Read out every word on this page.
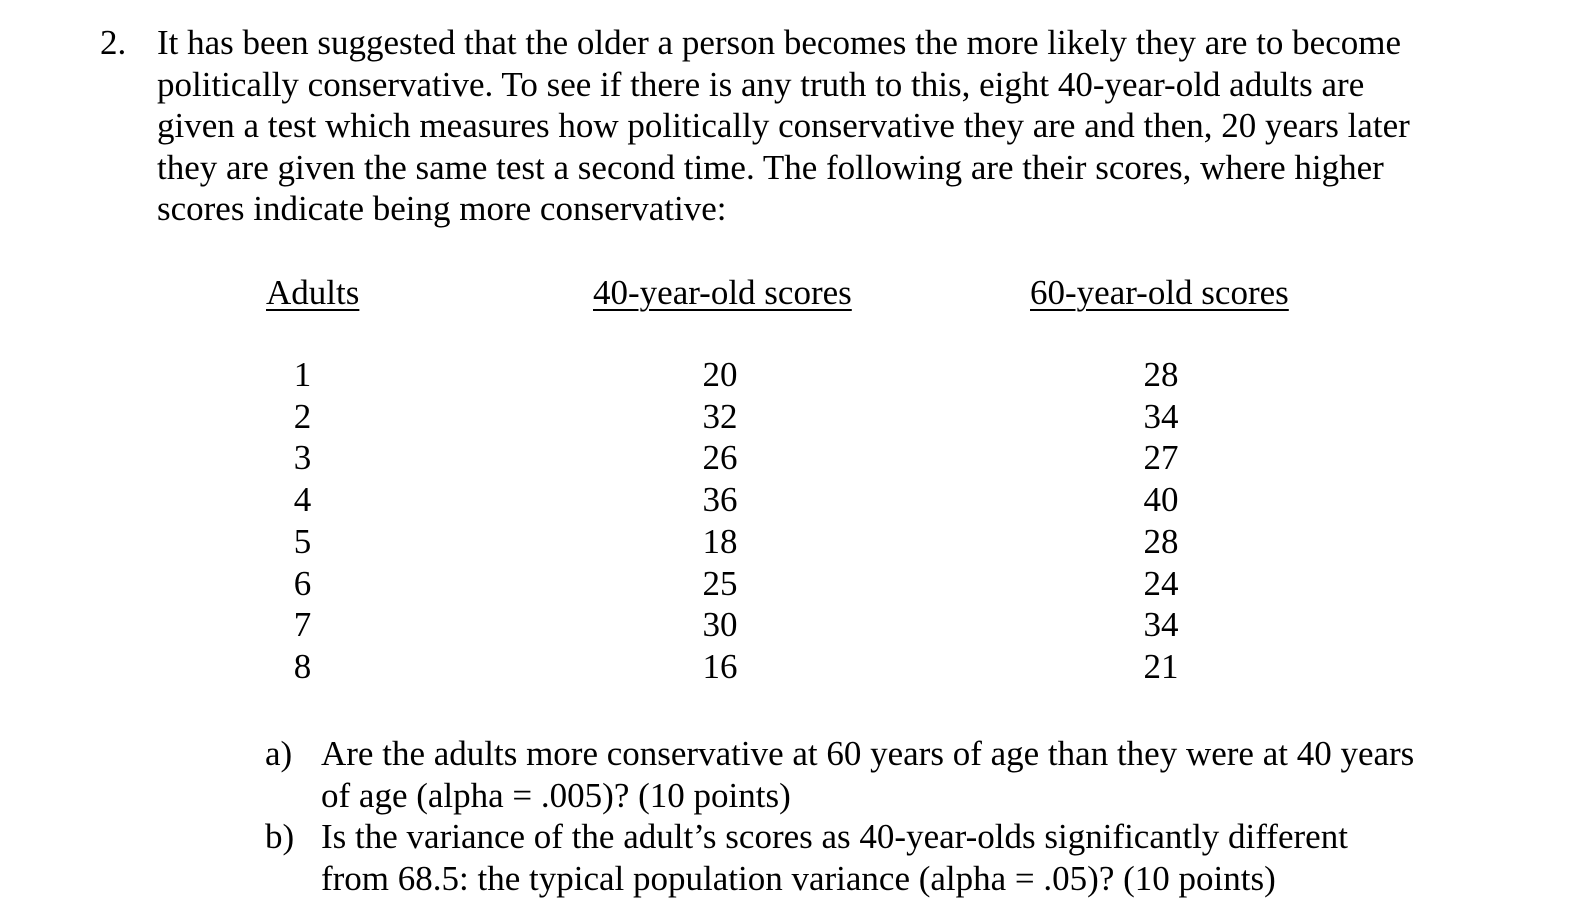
2. It has been suggested that the older a person becomes the more likely they are to become
politically conservative. To see if there is any truth to this, eight 40-year-old adults are
given a test which measures how politically conservative they are and then, 20 years later
they are given the same test a second time. The following are their scores, where higher
scores indicate being more conservative:
Adults
1
2
3
4
5
6
7
8
40-year-old scores
20
32
26
36
18
25
30
16
60-year-old scores
28
34
27
40
28
24
34
21
a) Are the adults more conservative at 60 years of age than they were at 40 years
of age (alpha = .005)? (10 points)
b) Is the variance of the adult’s scores as 40-year-olds significantly different
from 68.5: the typical population variance (alpha = .05)? (10 points)
